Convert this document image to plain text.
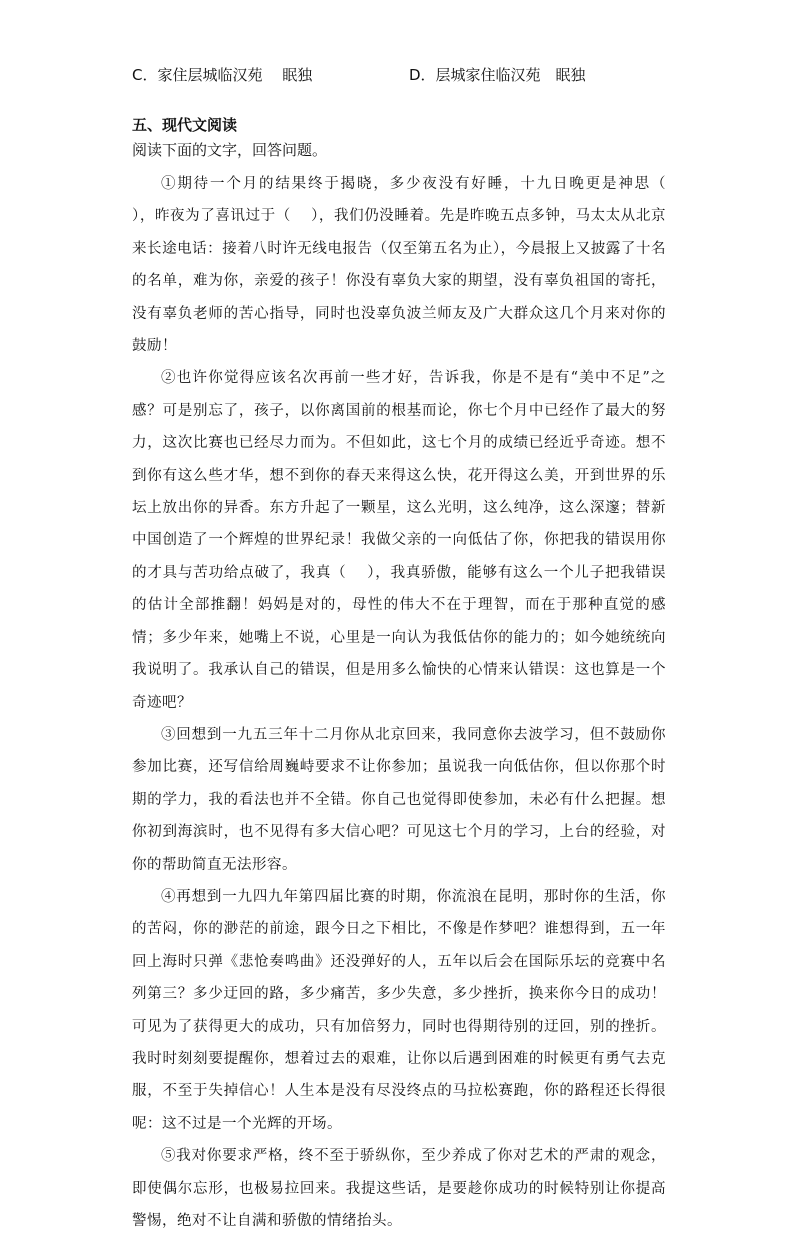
C．家住层城临汉苑　 眠独	D．层城家住临汉苑　眠独
五、现代文阅读
阅读下面的文字，回答问题。

①期待一个月的结果终于揭晓，多少夜没有好睡，十九日晚更是神思（　 ），昨夜为了喜讯过于（　 ），我们仍没睡着。先是昨晚五点多钟，马太太从北京来长途电话：接着八时许无线电报告（仅至第五名为止），今晨报上又披露了十名的名单，难为你，亲爱的孩子！你没有辜负大家的期望，没有辜负祖国的寄托，没有辜负老师的苦心指导，同时也没辜负波兰师友及广大群众这几个月来对你的鼓励！

②也许你觉得应该名次再前一些才好，告诉我，你是不是有“美中不足”之感？可是别忘了，孩子，以你离国前的根基而论，你七个月中已经作了最大的努力，这次比赛也已经尽力而为。不但如此，这七个月的成绩已经近乎奇迹。想不到你有这么些才华，想不到你的春天来得这么快，花开得这么美，开到世界的乐坛上放出你的异香。东方升起了一颗星，这么光明，这么纯净，这么深邃；替新中国创造了一个辉煌的世界纪录！我做父亲的一向低估了你，你把我的错误用你的才具与苦功给点破了，我真（　 ），我真骄傲，能够有这么一个儿子把我错误的估计全部推翻！妈妈是对的，母性的伟大不在于理智，而在于那种直觉的感情；多少年来，她嘴上不说，心里是一向认为我低估你的能力的；如今她统统向我说明了。我承认自己的错误，但是用多么愉快的心情来认错误：这也算是一个奇迹吧？

③回想到一九五三年十二月你从北京回来，我同意你去波学习，但不鼓励你参加比赛，还写信给周巍峙要求不让你参加；虽说我一向低估你，但以你那个时期的学力，我的看法也并不全错。你自己也觉得即使参加，未必有什么把握。想你初到海滨时，也不见得有多大信心吧？可见这七个月的学习，上台的经验，对你的帮助简直无法形容。

④再想到一九四九年第四届比赛的时期，你流浪在昆明，那时你的生活，你的苦闷，你的渺茫的前途，跟今日之下相比，不像是作梦吧？谁想得到，五一年回上海时只弹《悲怆奏鸣曲》还没弹好的人，五年以后会在国际乐坛的竞赛中名列第三？多少迂回的路，多少痛苦，多少失意，多少挫折，换来你今日的成功！可见为了获得更大的成功，只有加倍努力，同时也得期待别的迂回，别的挫折。我时时刻刻要提醒你，想着过去的艰难，让你以后遇到困难的时候更有勇气去克服，不至于失掉信心！人生本是没有尽没终点的马拉松赛跑，你的路程还长得很呢：这不过是一个光辉的开场。

⑤我对你要求严格，终不至于骄纵你，至少养成了你对艺术的严肃的观念，即使偶尔忘形，也极易拉回来。我提这些话，是要趁你成功的时候特别让你提高警惕，绝对不让自满和骄傲的情绪抬头。
